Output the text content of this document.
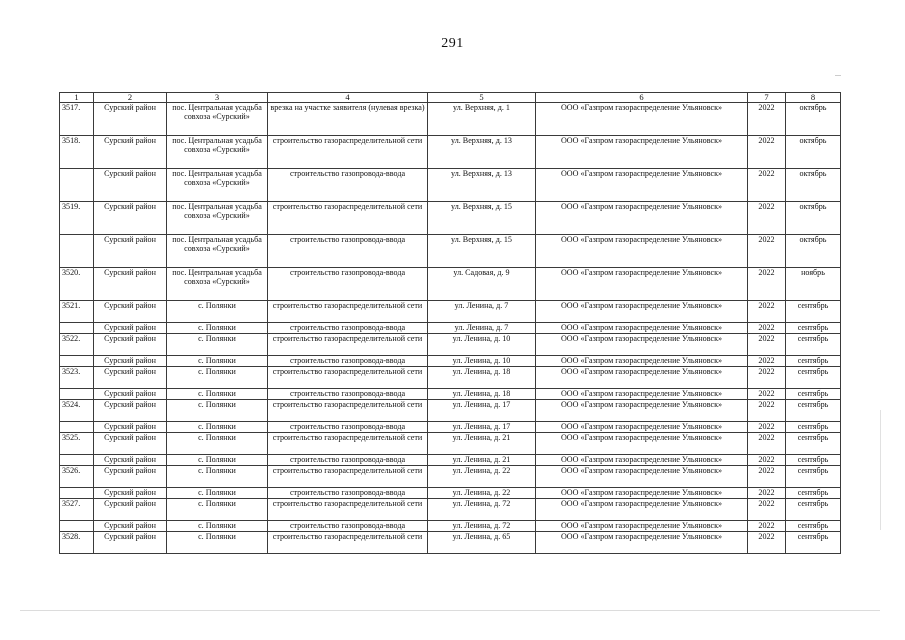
291
1	2	3	4	5	6	7	8
3517.	Сурский район	пос. Центральная усадьба совхоза «Сурский»	врезка на участке заявителя (нулевая врезка)	ул. Верхняя, д. 1	ООО «Газпром газораспределение Ульяновск»	2022	октябрь
3518.	Сурский район	пос. Центральная усадьба совхоза «Сурский»	строительство газораспределительной сети	ул. Верхняя, д. 13	ООО «Газпром газораспределение Ульяновск»	2022	октябрь
	Сурский район	пос. Центральная усадьба совхоза «Сурский»	строительство газопровода-ввода	ул. Верхняя, д. 13	ООО «Газпром газораспределение Ульяновск»	2022	октябрь
3519.	Сурский район	пос. Центральная усадьба совхоза «Сурский»	строительство газораспределительной сети	ул. Верхняя, д. 15	ООО «Газпром газораспределение Ульяновск»	2022	октябрь
	Сурский район	пос. Центральная усадьба совхоза «Сурский»	строительство газопровода-ввода	ул. Верхняя, д. 15	ООО «Газпром газораспределение Ульяновск»	2022	октябрь
3520.	Сурский район	пос. Центральная усадьба совхоза «Сурский»	строительство газопровода-ввода	ул. Садовая, д. 9	ООО «Газпром газораспределение Ульяновск»	2022	ноябрь
3521.	Сурский район	с. Полянки	строительство газораспределительной сети	ул. Ленина, д. 7	ООО «Газпром газораспределение Ульяновск»	2022	сентябрь
	Сурский район	с. Полянки	строительство газопровода-ввода	ул. Ленина, д. 7	ООО «Газпром газораспределение Ульяновск»	2022	сентябрь
3522.	Сурский район	с. Полянки	строительство газораспределительной сети	ул. Ленина, д. 10	ООО «Газпром газораспределение Ульяновск»	2022	сентябрь
	Сурский район	с. Полянки	строительство газопровода-ввода	ул. Ленина, д. 10	ООО «Газпром газораспределение Ульяновск»	2022	сентябрь
3523.	Сурский район	с. Полянки	строительство газораспределительной сети	ул. Ленина, д. 18	ООО «Газпром газораспределение Ульяновск»	2022	сентябрь
	Сурский район	с. Полянки	строительство газопровода-ввода	ул. Ленина, д. 18	ООО «Газпром газораспределение Ульяновск»	2022	сентябрь
3524.	Сурский район	с. Полянки	строительство газораспределительной сети	ул. Ленина, д. 17	ООО «Газпром газораспределение Ульяновск»	2022	сентябрь
	Сурский район	с. Полянки	строительство газопровода-ввода	ул. Ленина, д. 17	ООО «Газпром газораспределение Ульяновск»	2022	сентябрь
3525.	Сурский район	с. Полянки	строительство газораспределительной сети	ул. Ленина, д. 21	ООО «Газпром газораспределение Ульяновск»	2022	сентябрь
	Сурский район	с. Полянки	строительство газопровода-ввода	ул. Ленина, д. 21	ООО «Газпром газораспределение Ульяновск»	2022	сентябрь
3526.	Сурский район	с. Полянки	строительство газораспределительной сети	ул. Ленина, д. 22	ООО «Газпром газораспределение Ульяновск»	2022	сентябрь
	Сурский район	с. Полянки	строительство газопровода-ввода	ул. Ленина, д. 22	ООО «Газпром газораспределение Ульяновск»	2022	сентябрь
3527.	Сурский район	с. Полянки	строительство газораспределительной сети	ул. Ленина, д. 72	ООО «Газпром газораспределение Ульяновск»	2022	сентябрь
	Сурский район	с. Полянки	строительство газопровода-ввода	ул. Ленина, д. 72	ООО «Газпром газораспределение Ульяновск»	2022	сентябрь
3528.	Сурский район	с. Полянки	строительство газораспределительной сети	ул. Ленина, д. 65	ООО «Газпром газораспределение Ульяновск»	2022	сентябрь
